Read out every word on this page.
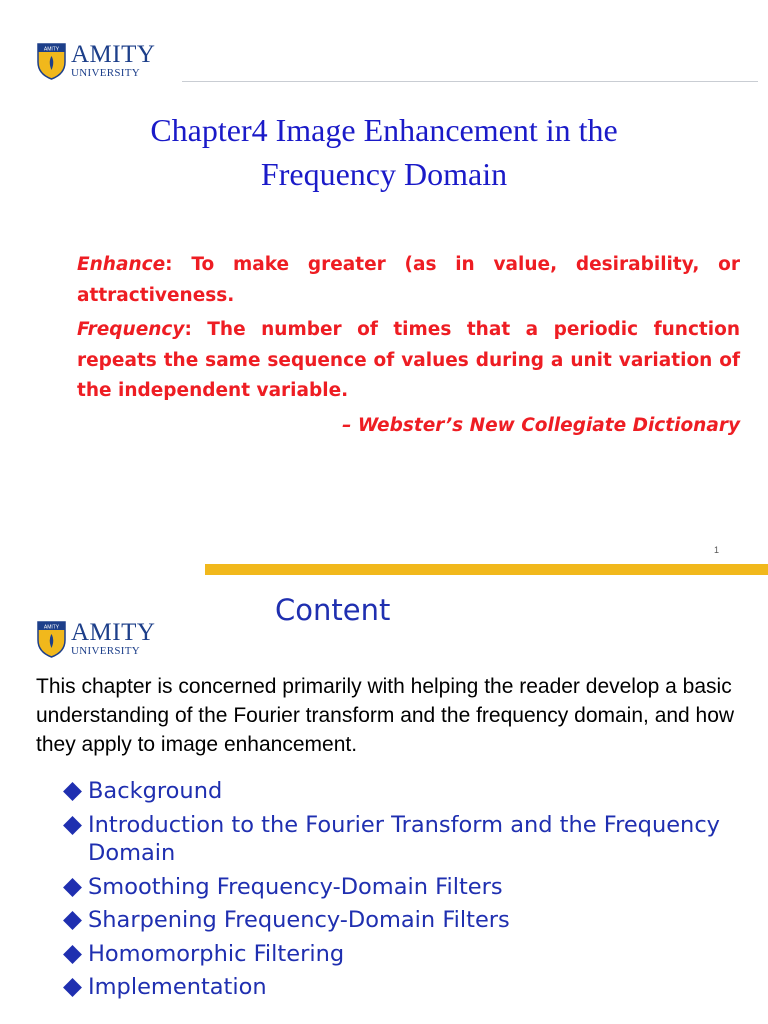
AMITY AMITY
UNIVERSITY
Chapter4 Image Enhancement in the
Frequency Domain

Enhance: To make greater (as in value, desirability, or attractiveness.

Frequency: The number of times that a periodic function repeats the same sequence of values during a unit variation of the independent variable.

– Webster’s New Collegiate Dictionary

1
AMITY AMITY
UNIVERSITY
Content
This chapter is concerned primarily with helping the reader develop a basic understanding of the Fourier transform and the frequency domain, and how they apply to image enhancement.
Background
Introduction to the Fourier Transform and the Frequency Domain
Smoothing Frequency-Domain Filters
Sharpening Frequency-Domain Filters
Homomorphic Filtering
Implementation
